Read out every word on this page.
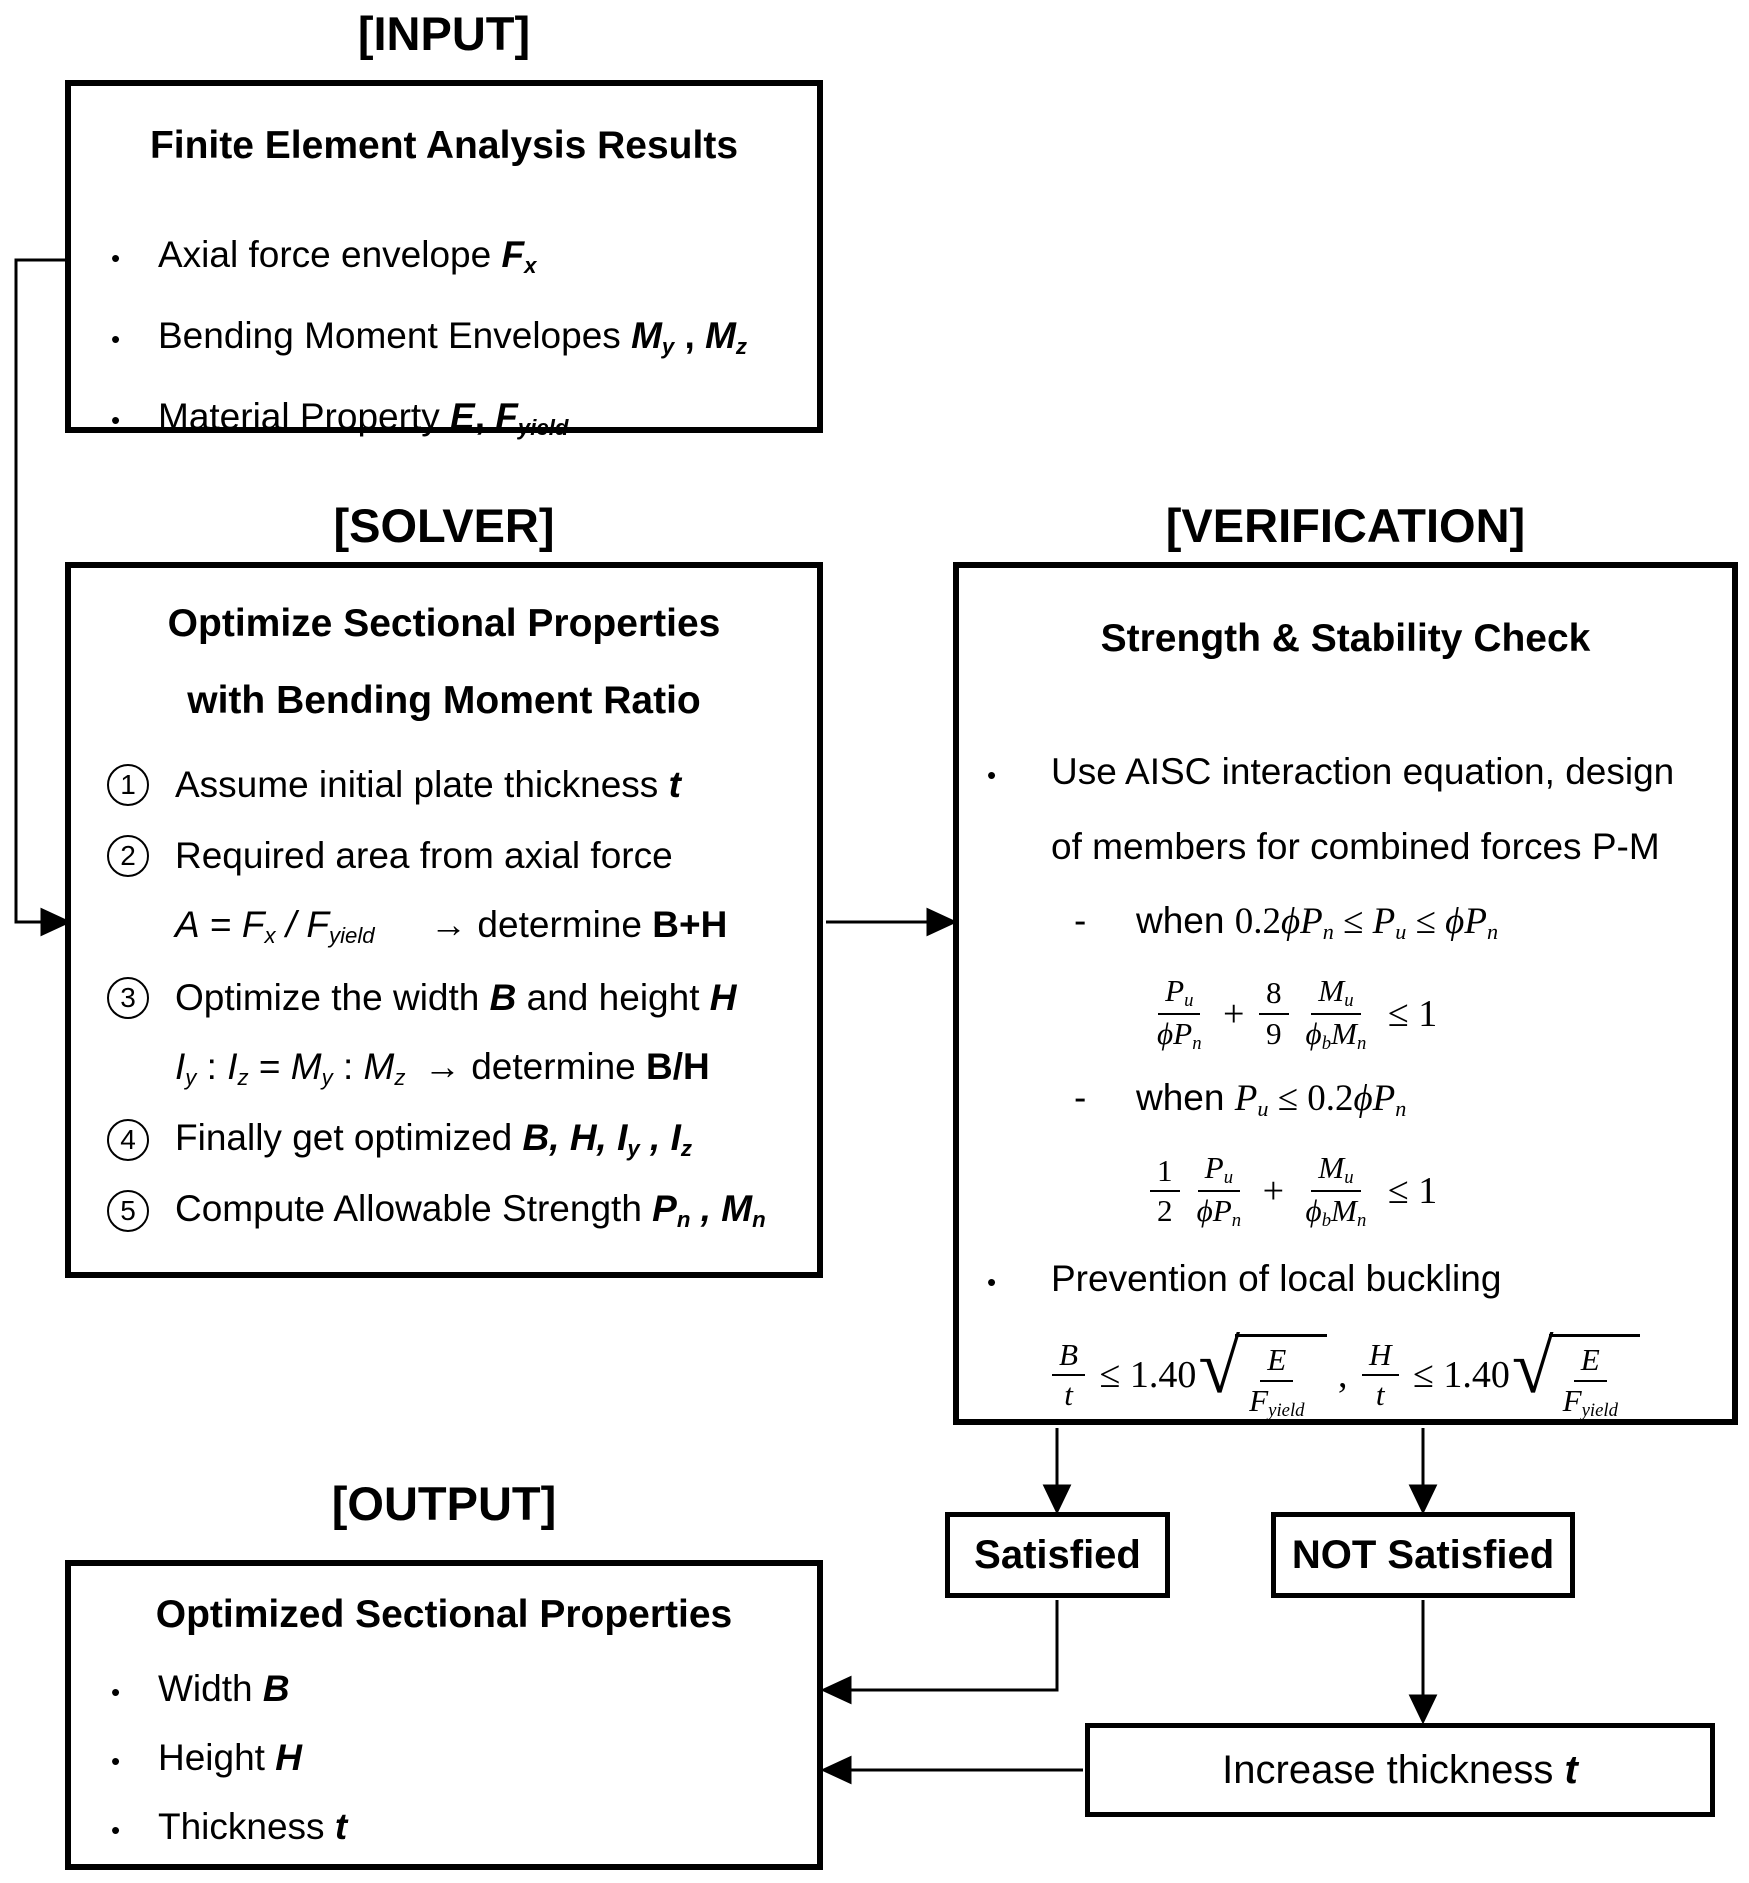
[INPUT]
[SOLVER]	[VERIFICATION]
[OUTPUT]
Finite Element Analysis Results
•	Axial force envelope $F_x$
•	Bending Moment Envelopes $M_y$ , $M_z$
•	Material Property E, $F_{yield}$
Optimize Sectional Properties
with Bending Moment Ratio
1	Assume initial plate thickness t
2	Required area from axial force
$A = F_x / F_{yield}$  → determine B+H
3	Optimize the width B and height H
$I_y$ : $I_z = M_y$ : $M_z$ → determine B/H
4	Finally get optimized B, H, $I_y$ , $I_z$
5	Compute Allowable Strength $P_n$ , $M_n$
Strength & Stability Check
•	Use AISC interaction equation, design
of members for combined forces P-M
-	when $0.2\phi P_n \le P_u \le \phi P_n$
$\frac{P_u}{\phi P_n} + \frac{8}{9} \frac{M_u}{\phi_bM_n} \le 1$
-	when $P_u \le 0.2\phi P_n$
$\frac{1}{2} \frac{P_u}{\phi P_n} + \frac{M_u}{\phi_bM_n} \le 1$
•	Prevention of local buckling
$\frac{B}{t} \le 1.40$ √ $\frac{E}{F_{yield}}$ , $\frac{H}{t} \le 1.40$ √ $\frac{E}{F_{yield}}$
Optimized Sectional Properties
•	Width B
•	Height H
•	Thickness t
Satisfied	NOT Satisfied
Increase thickness t
